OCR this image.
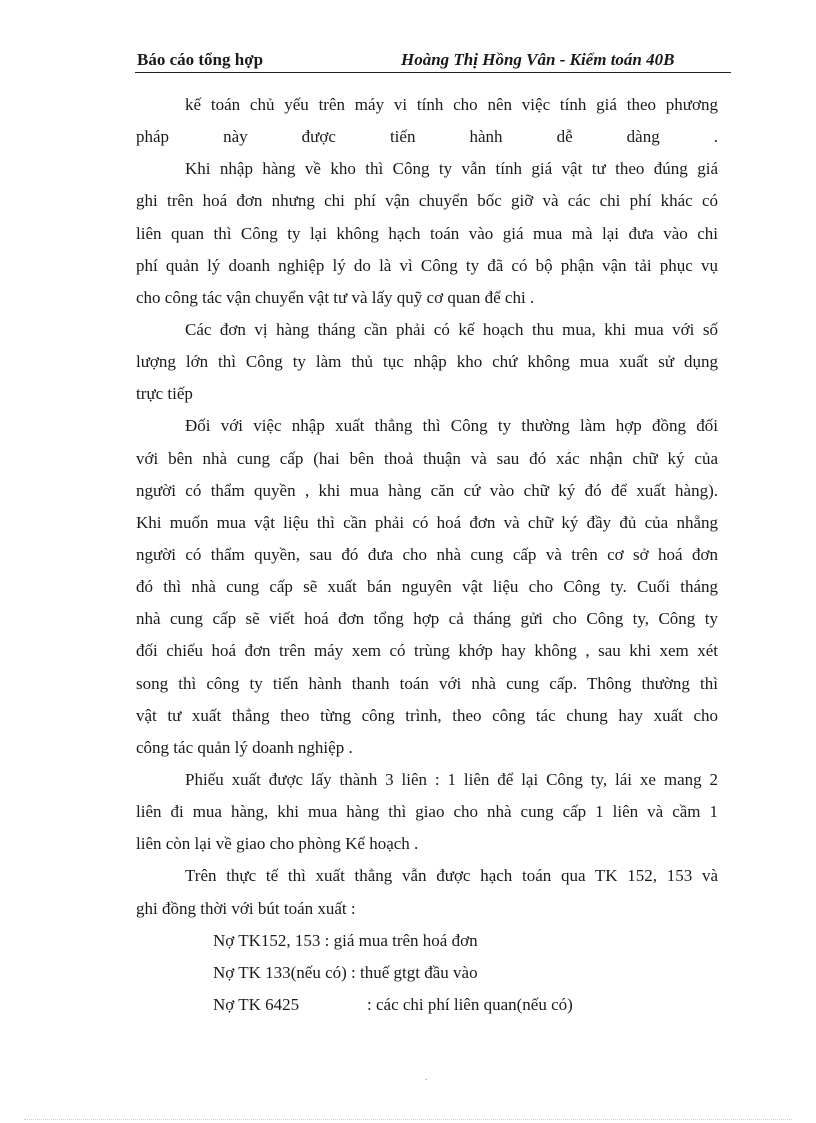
Báo cáo tổng hợp	Hoàng Thị Hồng Vân - Kiểm toán 40B
kế toán chủ yếu trên máy vi tính cho nên việc tính giá theo phương
pháp này được tiến hành dễ dàng .
Khi nhập hàng về kho thì Công ty vẫn tính giá vật tư theo đúng giá
ghi trên hoá đơn nhưng chi phí vận chuyển bốc giỡ và các chi phí khác có
liên quan thì Công ty lại không hạch toán vào giá mua mà lại đưa vào chi
phí quản lý doanh nghiệp lý do là vì Công ty đã có bộ phận vận tải phục vụ
cho công tác vận chuyển vật tư và lấy quỹ cơ quan để chi .
Các đơn vị hàng tháng cần phải có kế hoạch thu mua, khi mua với số
lượng lớn thì Công ty làm thủ tục nhập kho chứ không mua xuất sử dụng
trực tiếp
Đối với việc nhập xuất thẳng thì Công ty thường làm hợp đồng đối
với bên nhà cung cấp (hai bên thoả thuận và sau đó xác nhận chữ ký của
người có thẩm quyền , khi mua hàng căn cứ vào chữ ký đó để xuất hàng).
Khi muốn mua vật liệu thì cần phải có hoá đơn và chữ ký đầy đủ của nhẵng
người có thẩm quyền, sau đó đưa cho nhà cung cấp và trên cơ sở hoá đơn
đó thì nhà cung cấp sẽ xuất bán nguyên vật liệu cho Công ty. Cuối tháng
nhà cung cấp sẽ viết hoá đơn tổng hợp cả tháng gửi cho Công ty, Công ty
đối chiếu hoá đơn trên máy xem có trùng khớp hay không , sau khi xem xét
song thì công ty tiến hành thanh toán với nhà cung cấp. Thông thường thì
vật tư xuất thẳng theo từng công trình, theo công tác chung hay xuất cho
công tác quản lý doanh nghiệp .
Phiếu xuất được lấy thành 3 liên : 1 liên để lại Công ty, lái xe mang 2
liên đi mua hàng, khi mua hàng thì giao cho nhà cung cấp 1 liên và cầm 1
liên còn lại về giao cho phòng Kế hoạch .
Trên thực tế thì xuất thẳng vẫn được hạch toán qua TK 152, 153 và
ghi đồng thời với bút toán xuất :
Nợ TK152, 153 : giá mua trên hoá đơn
Nợ TK 133(nếu có) : thuế gtgt đầu vào
Nợ TK 6425	: các chi phí liên quan(nếu có)
.
